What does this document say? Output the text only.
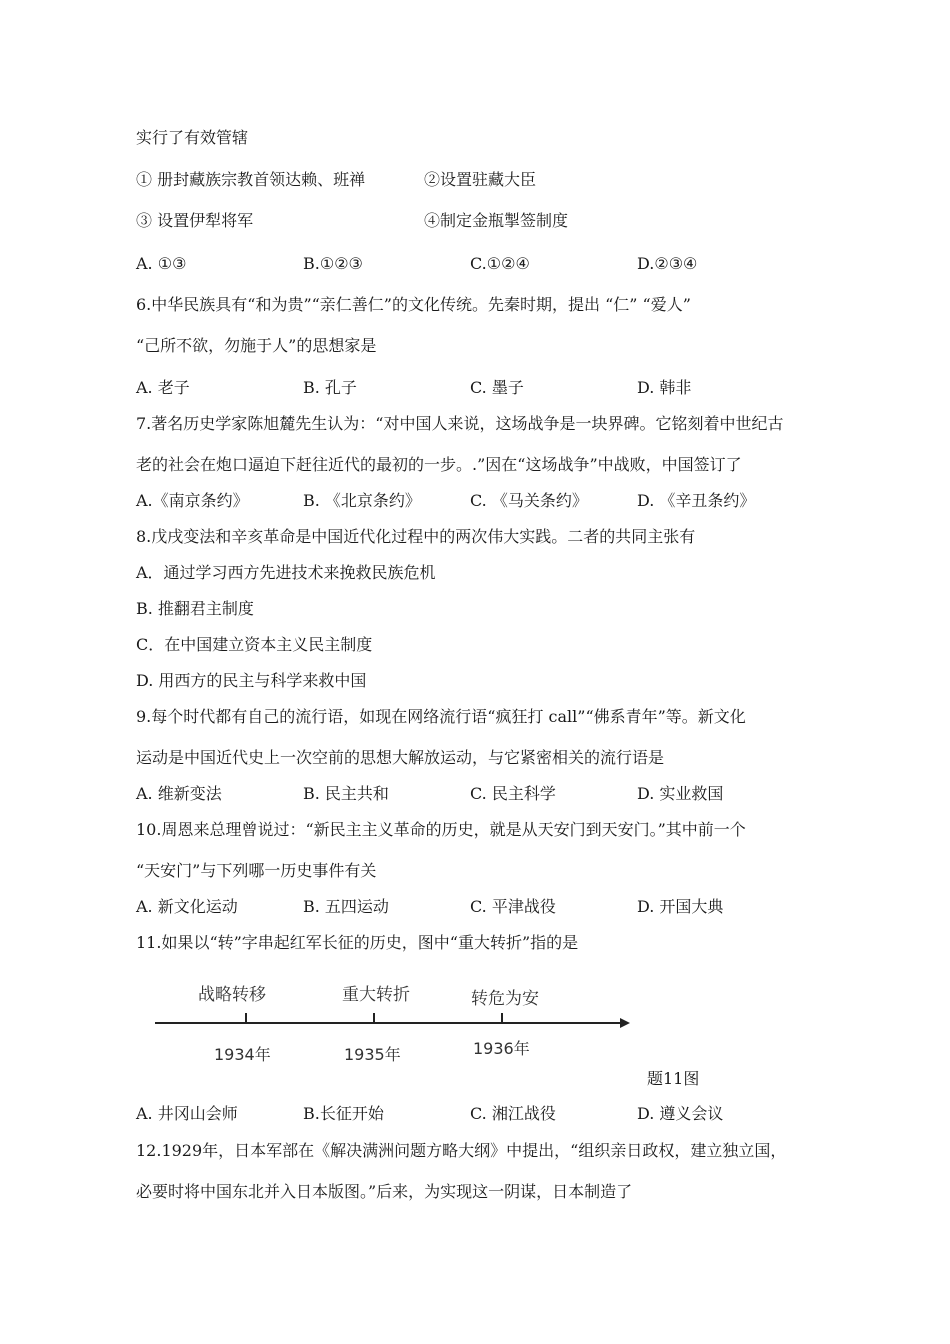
实行了有效管辖
① 册封藏族宗教首领达赖、班禅	②设置驻藏大臣
③ 设置伊犁将军	④制定金瓶掣签制度
A. ①③	B.①②③	C.①②④	D.②③④
6.中华民族具有“和为贵”“亲仁善仁”的文化传统。先秦时期，提出 “仁” “爱人”
“己所不欲，勿施于人”的思想家是
A. 老子	B. 孔子	C. 墨子	D. 韩非
7.著名历史学家陈旭麓先生认为：“对中国人来说，这场战争是一块界碑。它铭刻着中世纪古
老的社会在炮口逼迫下赶往近代的最初的一步。.”因在“这场战争”中战败，中国签订了
A.《南京条约》	B. 《北京条约》	C. 《马关条约》	D. 《辛丑条约》
8.戊戌变法和辛亥革命是中国近代化过程中的两次伟大实践。二者的共同主张有
A．通过学习西方先进技术来挽救民族危机
B. 推翻君主制度
C．在中国建立资本主义民主制度
D. 用西方的民主与科学来救中国
9.每个时代都有自己的流行语，如现在网络流行语“疯狂打 call”“佛系青年”等。新文化
运动是中国近代史上一次空前的思想大解放运动，与它紧密相关的流行语是
A. 维新变法	B. 民主共和	C. 民主科学	D. 实业救国
10.周恩来总理曾说过：“新民主主义革命的历史，就是从天安门到天安门。”其中前一个
“天安门”与下列哪一历史事件有关
A. 新文化运动	B. 五四运动	C. 平津战役	D. 开国大典
11.如果以“转”字串起红军长征的历史，图中“重大转折”指的是
战略转移	重大转折	转危为安
1934年	1935年	1936年
题11图
A. 井冈山会师	B.长征开始	C. 湘江战役	D. 遵义会议
12.1929年，日本军部在《解决满洲问题方略大纲》中提出，“组织亲日政权，建立独立国，
必要时将中国东北并入日本版图。”后来，为实现这一阴谋，日本制造了
